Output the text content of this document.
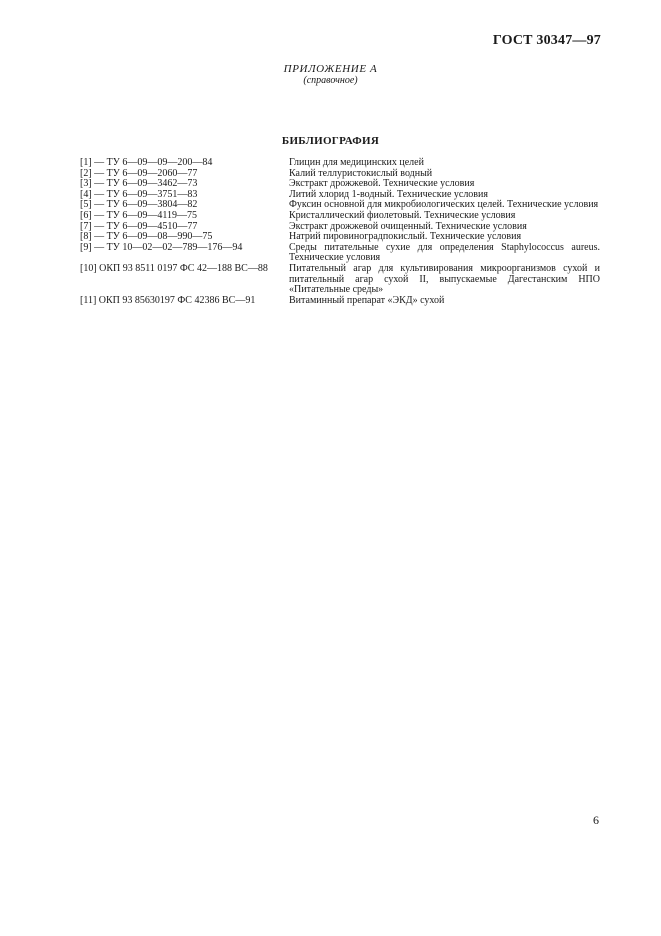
ГОСТ 30347—97
ПРИЛОЖЕНИЕ А
(справочное)
БИБЛИОГРАФИЯ
[1] — ТУ 6—09—09—200—84	Глицин для медицинских целей
[2] — ТУ 6—09—2060—77	Калий теллуристокислый водный
[3] — ТУ 6—09—3462—73	Экстракт дрожжевой. Технические условия
[4] — ТУ 6—09—3751—83	Литий хлорид 1-водный. Технические условия
[5] — ТУ 6—09—3804—82	Фуксин основной для микробиологических целей. Технические условия
[6] — ТУ 6—09—4119—75	Кристаллический фиолетовый. Технические условия
[7] — ТУ 6—09—4510—77	Экстракт дрожжевой очищенный. Технические условия
[8] — ТУ 6—09—08—990—75	Натрий пировиноградпокислый. Технические условия
[9] — ТУ 10—02—02—789—176—94	Среды питательные сухие для определения Staphylococcus aureus. Технические условия
[10] ОКП 93 8511 0197 ФС 42—188 ВС—88	Питательный агар для культивирования микроорганизмов сухой и питательный агар сухой II, выпускаемые Дагестанским НПО «Питательные среды»
[11] ОКП 93 85630197 ФС 42386 ВС—91	Витаминный препарат «ЭКД» сухой
6
